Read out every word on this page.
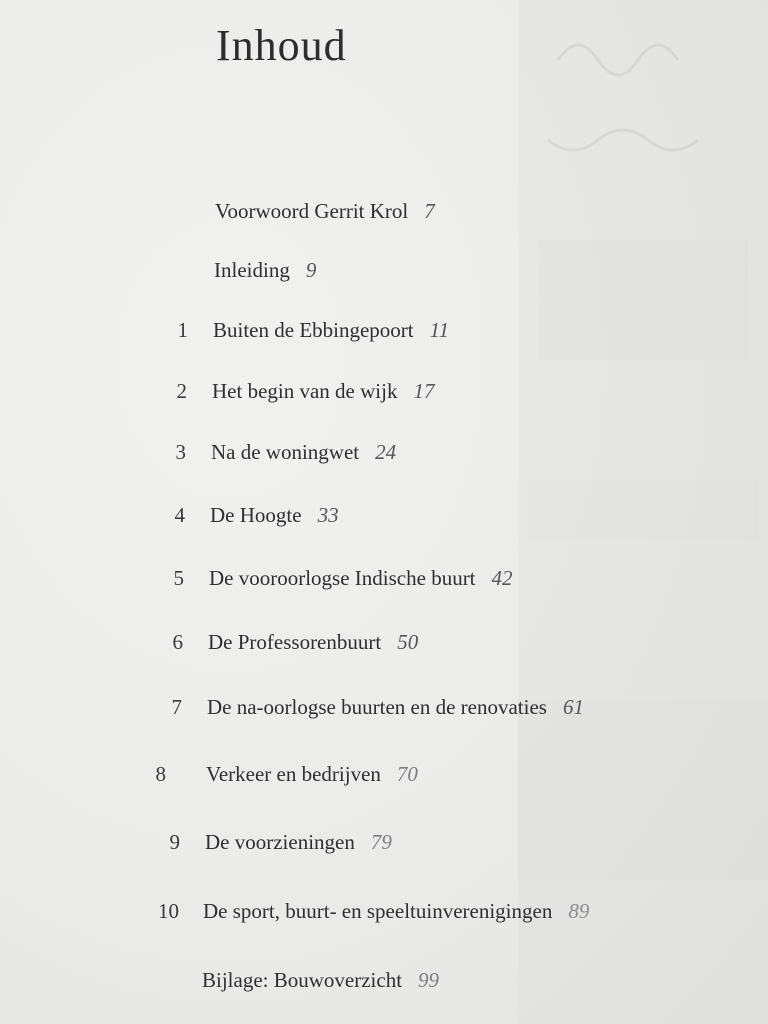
Inhoud
Voorwoord Gerrit Krol 7
Inleiding 9
1 Buiten de Ebbingepoort 11
2 Het begin van de wijk 17
3 Na de woningwet 24
4 De Hoogte 33
5 De vooroorlogse Indische buurt 42
6 De Professorenbuurt 50
7 De na-oorlogse buurten en de renovaties 61
8 Verkeer en bedrijven 70
9 De voorzieningen 79
10 De sport, buurt- en speeltuinverenigingen 89
Bijlage: Bouwoverzicht 99
